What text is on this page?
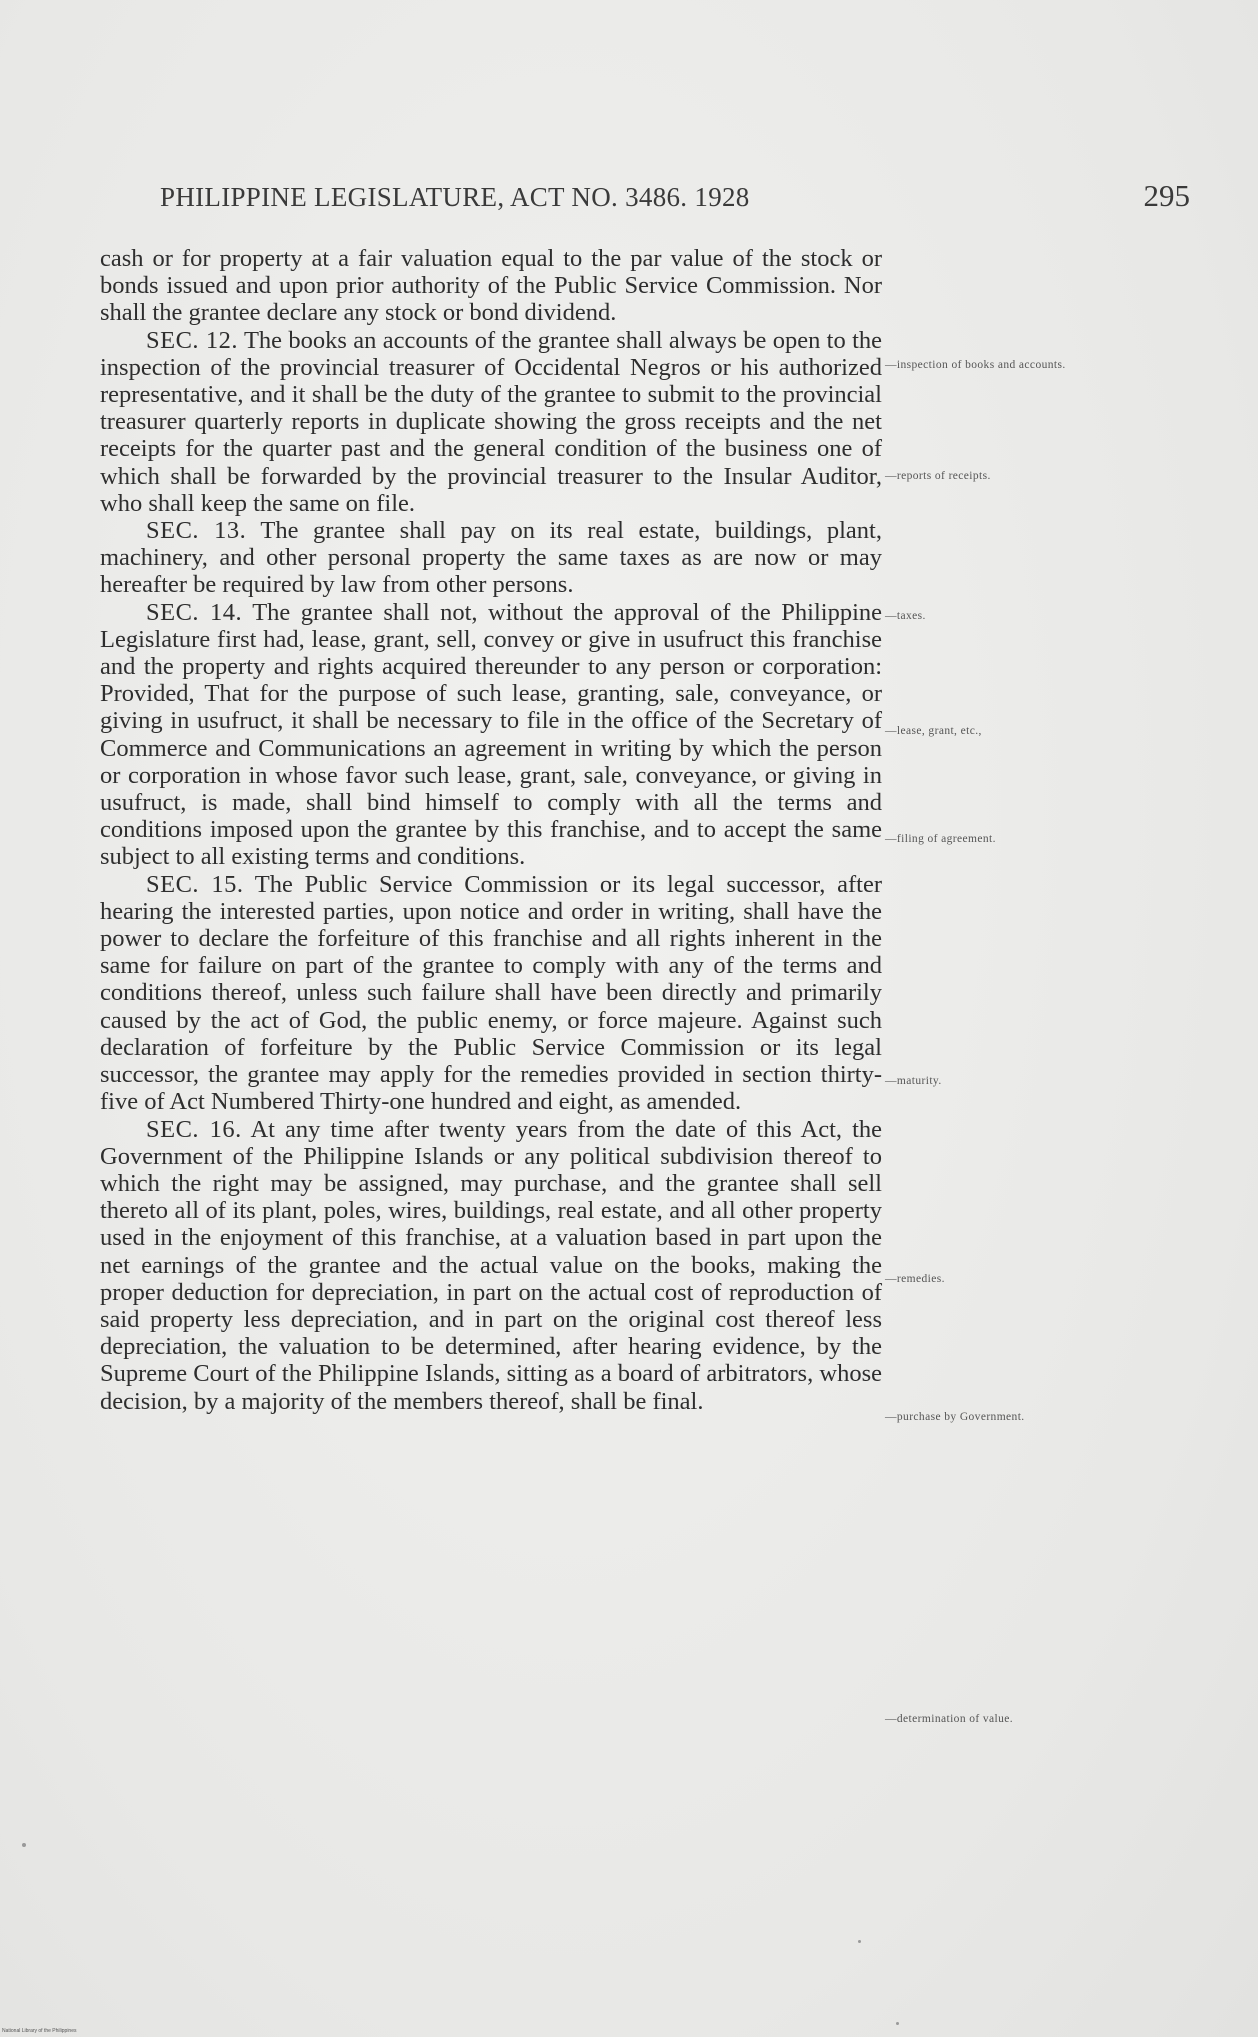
PHILIPPINE LEGISLATURE, ACT NO. 3486. 1928	295

cash or for property at a fair valuation equal to the par value of the stock or bonds issued and upon prior authority of the Public Service Commission. Nor shall the grantee declare any stock or bond dividend.

SEC. 12. The books an accounts of the grantee shall always be open to the inspection of the provincial treasurer of Occidental Negros or his authorized representative, and it shall be the duty of the grantee to submit to the provincial treasurer quarterly reports in duplicate showing the gross receipts and the net receipts for the quarter past and the general condition of the business one of which shall be forwarded by the provincial treasurer to the Insular Auditor, who shall keep the same on file.

SEC. 13. The grantee shall pay on its real estate, buildings, plant, machinery, and other personal property the same taxes as are now or may hereafter be required by law from other persons.

SEC. 14. The grantee shall not, without the approval of the Philippine Legislature first had, lease, grant, sell, convey or give in usufruct this franchise and the property and rights acquired thereunder to any person or corporation: Provided, That for the purpose of such lease, granting, sale, conveyance, or giving in usufruct, it shall be necessary to file in the office of the Secretary of Commerce and Communications an agreement in writing by which the person or corporation in whose favor such lease, grant, sale, conveyance, or giving in usufruct, is made, shall bind himself to comply with all the terms and conditions imposed upon the grantee by this franchise, and to accept the same subject to all existing terms and conditions.

SEC. 15. The Public Service Commission or its legal successor, after hearing the interested parties, upon notice and order in writing, shall have the power to declare the forfeiture of this franchise and all rights inherent in the same for failure on part of the grantee to comply with any of the terms and conditions thereof, unless such failure shall have been directly and primarily caused by the act of God, the public enemy, or force majeure. Against such declaration of forfeiture by the Public Service Commission or its legal successor, the grantee may apply for the remedies provided in section thirty-five of Act Numbered Thirty-one hundred and eight, as amended.

SEC. 16. At any time after twenty years from the date of this Act, the Government of the Philippine Islands or any political subdivision thereof to which the right may be assigned, may purchase, and the grantee shall sell thereto all of its plant, poles, wires, buildings, real estate, and all other property used in the enjoyment of this franchise, at a valuation based in part upon the net earnings of the grantee and the actual value on the books, making the proper deduction for depreciation, in part on the actual cost of reproduction of said property less depreciation, and in part on the original cost thereof less depreciation, the valuation to be determined, after hearing evidence, by the Supreme Court of the Philippine Islands, sitting as a board of arbitrators, whose decision, by a majority of the members thereof, shall be final.

—inspection of books and accounts.
—reports of receipts.
—taxes.
—lease, grant, etc.,
—filing of agreement.
—maturity.
—remedies.
—purchase by Government.
—determination of value.
National Library of the Philippines
